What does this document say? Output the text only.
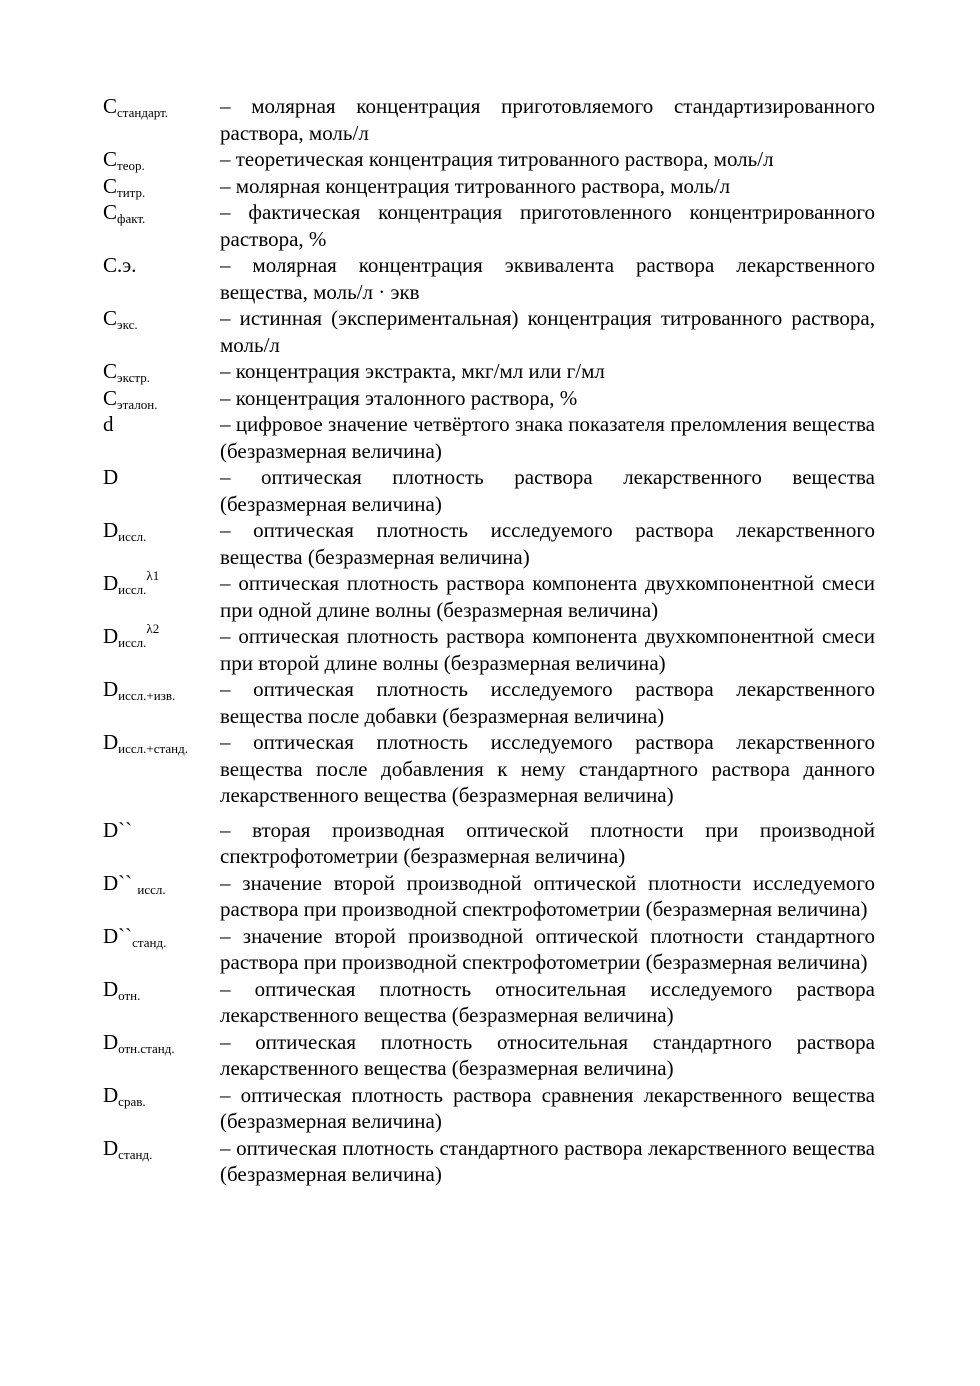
$C_{стандарт.}$	– молярная концентрация приготовляемого стандартизированного раствора, моль/л
$C_{теор.}$	– теоретическая концентрация титрованного раствора, моль/л
$C_{титр.}$	– молярная концентрация титрованного раствора, моль/л
$C_{факт.}$	– фактическая концентрация приготовленного концентрированного раствора, %
C.э.	– молярная концентрация эквивалента раствора лекарственного вещества, моль/л · экв
$C_{экс.}$	– истинная (экспериментальная) концентрация титрованного раствора, моль/л
$C_{экстр.}$	– концентрация экстракта, мкг/мл или г/мл
$C_{эталон.}$	– концентрация эталонного раствора, %
d	– цифровое значение четвёртого знака показателя преломления вещества (безразмерная величина)
D	– оптическая плотность раствора лекарственного вещества (безразмерная величина)
$D_{иссл.}$	– оптическая плотность исследуемого раствора лекарственного вещества (безразмерная величина)
$D_{иссл.}^{\lambda 1}$	– оптическая плотность раствора компонента двухкомпонентной смеси при одной длине волны (безразмерная величина)
$D_{иссл.}^{\lambda 2}$	– оптическая плотность раствора компонента двухкомпонентной смеси при второй длине волны (безразмерная величина)
$D_{иссл.+изв.}$	– оптическая плотность исследуемого раствора лекарственного вещества после добавки (безразмерная величина)
$D_{иссл.+станд.}$	– оптическая плотность исследуемого раствора лекарственного вещества после добавления к нему стандартного раствора данного лекарственного вещества (безразмерная величина)
D``	– вторая производная оптической плотности при производной спектрофотометрии (безразмерная величина)
D`` $_{иссл.}$	– значение второй производной оптической плотности исследуемого раствора при производной спектрофотометрии (безразмерная величина)
$D``_{станд.}$	– значение второй производной оптической плотности стандартного раствора при производной спектрофотометрии (безразмерная величина)
$D_{отн.}$	– оптическая плотность относительная исследуемого раствора лекарственного вещества (безразмерная величина)
$D_{отн.станд.}$	– оптическая плотность относительная стандартного раствора лекарственного вещества (безразмерная величина)
$D_{срав.}$	– оптическая плотность раствора сравнения лекарственного вещества (безразмерная величина)
$D_{станд.}$	– оптическая плотность стандартного раствора лекарственного вещества (безразмерная величина)
